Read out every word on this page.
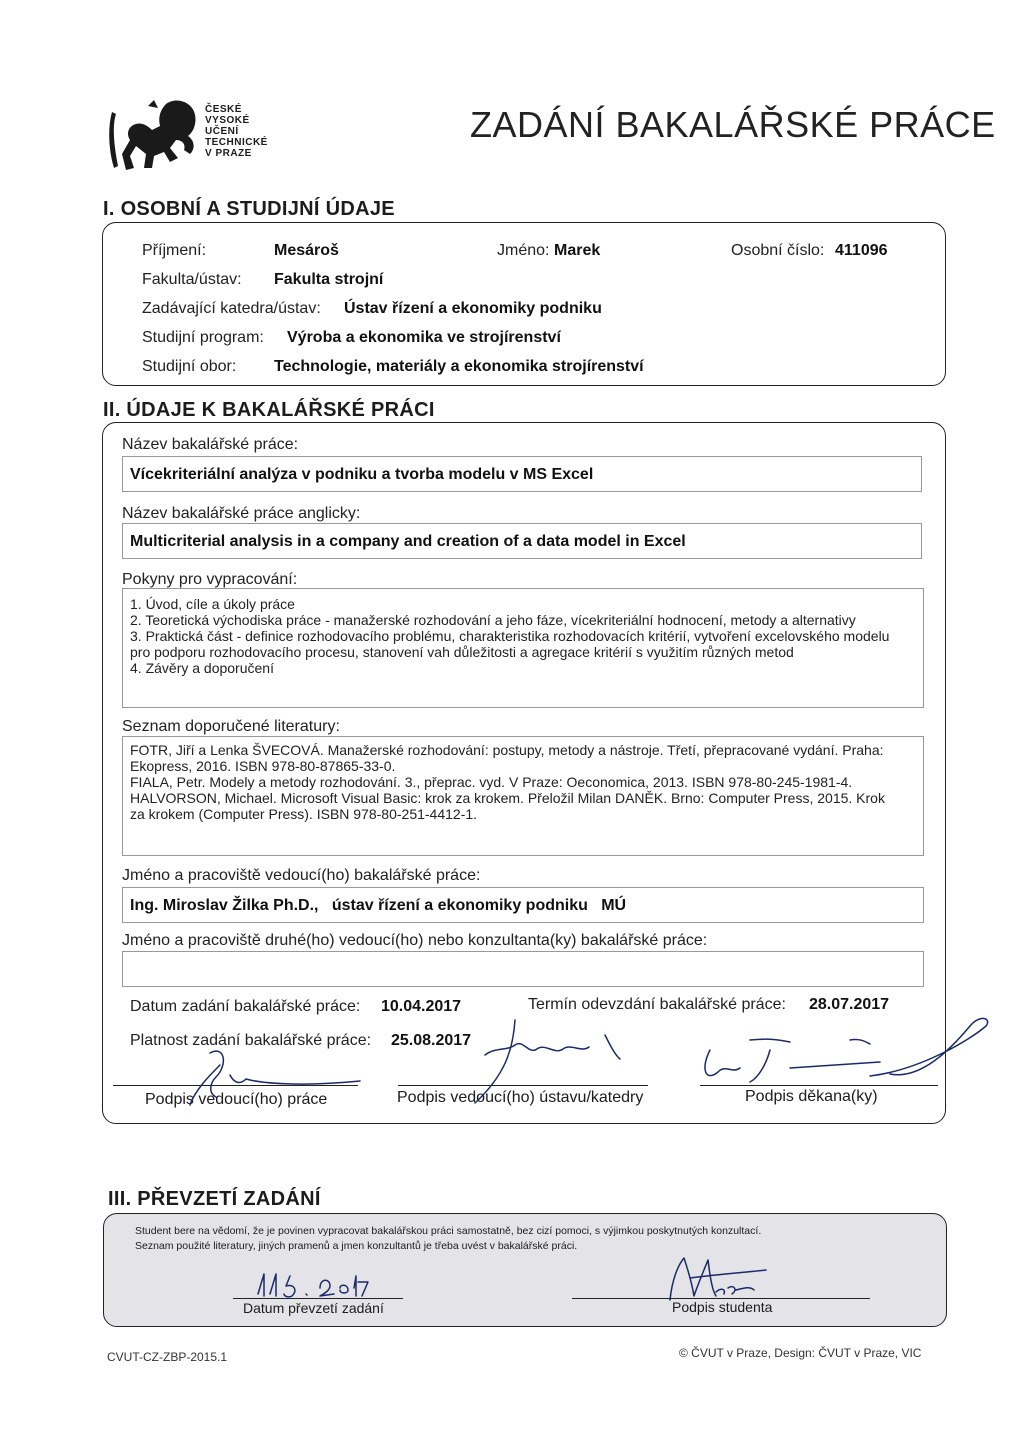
ČESKÉ
VYSOKÉ
UČENÍ
TECHNICKÉ
V PRAZE
ZADÁNÍ BAKALÁŘSKÉ PRÁCE
I. OSOBNÍ A STUDIJNÍ ÚDAJE
Příjmení:	Mesároš	Jméno: Marek	Osobní číslo: 411096
Fakulta/ústav: Fakulta strojní
Zadávající katedra/ústav: Ústav řízení a ekonomiky podniku
Studijní program: Výroba a ekonomika ve strojírenství
Studijní obor: Technologie, materiály a ekonomika strojírenství
II. ÚDAJE K BAKALÁŘSKÉ PRÁCI
Název bakalářské práce:
Vícekriteriální analýza v podniku a tvorba modelu v MS Excel
Název bakalářské práce anglicky:
Multicriterial analysis in a company and creation of a data model in Excel
Pokyny pro vypracování:
1. Úvod, cíle a úkoly práce
2. Teoretická východiska práce - manažerské rozhodování a jeho fáze, vícekriteriální hodnocení, metody a alternativy
3. Praktická část - definice rozhodovacího problému, charakteristika rozhodovacích kritérií, vytvoření excelovského modelu
pro podporu rozhodovacího procesu, stanovení vah důležitosti a agregace kritérií s využitím různých metod
4. Závěry a doporučení
Seznam doporučené literatury:
FOTR, Jiří a Lenka ŠVECOVÁ. Manažerské rozhodování: postupy, metody a nástroje. Třetí, přepracované vydání. Praha:
Ekopress, 2016. ISBN 978-80-87865-33-0.
FIALA, Petr. Modely a metody rozhodování. 3., přeprac. vyd. V Praze: Oeconomica, 2013. ISBN 978-80-245-1981-4.
HALVORSON, Michael. Microsoft Visual Basic: krok za krokem. Přeložil Milan DANĚK. Brno: Computer Press, 2015. Krok
za krokem (Computer Press). ISBN 978-80-251-4412-1.
Jméno a pracoviště vedoucí(ho) bakalářské práce:
Ing. Miroslav Žilka Ph.D.,   ústav řízení a ekonomiky podniku   MÚ
Jméno a pracoviště druhé(ho) vedoucí(ho) nebo konzultanta(ky) bakalářské práce:
Datum zadání bakalářské práce: 10.04.2017	Termín odevzdání bakalářské práce: 28.07.2017
Platnost zadání bakalářské práce: 25.08.2017
Podpis vedoucí(ho) práce	Podpis vedoucí(ho) ústavu/katedry	Podpis děkana(ky)
III. PŘEVZETÍ ZADÁNÍ
Student bere na vědomí, že je povinen vypracovat bakalářskou práci samostatně, bez cizí pomoci, s výjimkou poskytnutých konzultací.
Seznam použité literatury, jiných pramenů a jmen konzultantů je třeba uvést v bakalářské práci.
Datum převzetí zadání	Podpis studenta
CVUT-CZ-ZBP-2015.1	© ČVUT v Praze, Design: ČVUT v Praze, VIC
